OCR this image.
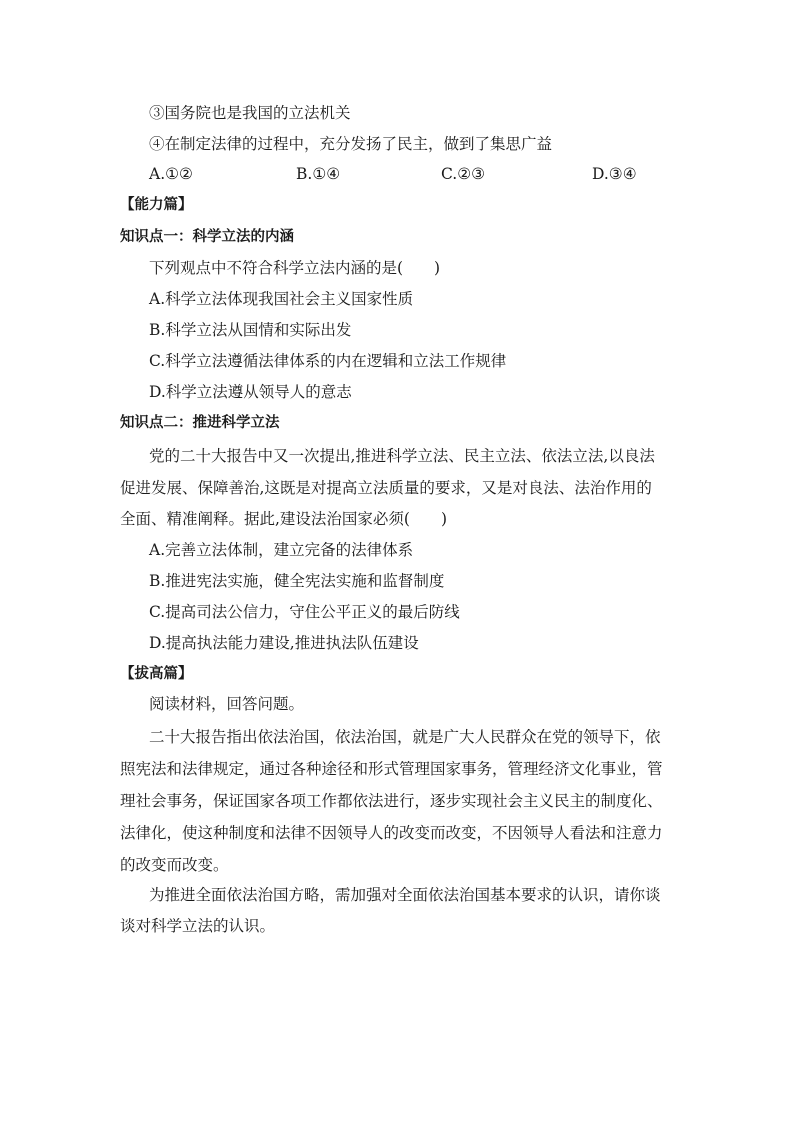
③国务院也是我国的立法机关
④在制定法律的过程中，充分发扬了民主，做到了集思广益
A.①②	B.①④	C.②③	D.③④
【能力篇】
知识点一：科学立法的内涵
下列观点中不符合科学立法内涵的是(　　)
A.科学立法体现我国社会主义国家性质
B.科学立法从国情和实际出发
C.科学立法遵循法律体系的内在逻辑和立法工作规律
D.科学立法遵从领导人的意志
知识点二：推进科学立法
党的二十大报告中又一次提出,推进科学立法、民主立法、依法立法,以良法
促进发展、保障善治,这既是对提高立法质量的要求，又是对良法、法治作用的
全面、精准阐释。据此,建设法治国家必须(　　)
A.完善立法体制，建立完备的法律体系
B.推进宪法实施，健全宪法实施和监督制度
C.提高司法公信力，守住公平正义的最后防线
D.提高执法能力建设,推进执法队伍建设
【拔高篇】
阅读材料，回答问题。
二十大报告指出依法治国，依法治国，就是广大人民群众在党的领导下，依
照宪法和法律规定，通过各种途径和形式管理国家事务，管理经济文化事业，管
理社会事务，保证国家各项工作都依法进行，逐步实现社会主义民主的制度化、
法律化，使这种制度和法律不因领导人的改变而改变，不因领导人看法和注意力
的改变而改变。
为推进全面依法治国方略，需加强对全面依法治国基本要求的认识，请你谈
谈对科学立法的认识。
